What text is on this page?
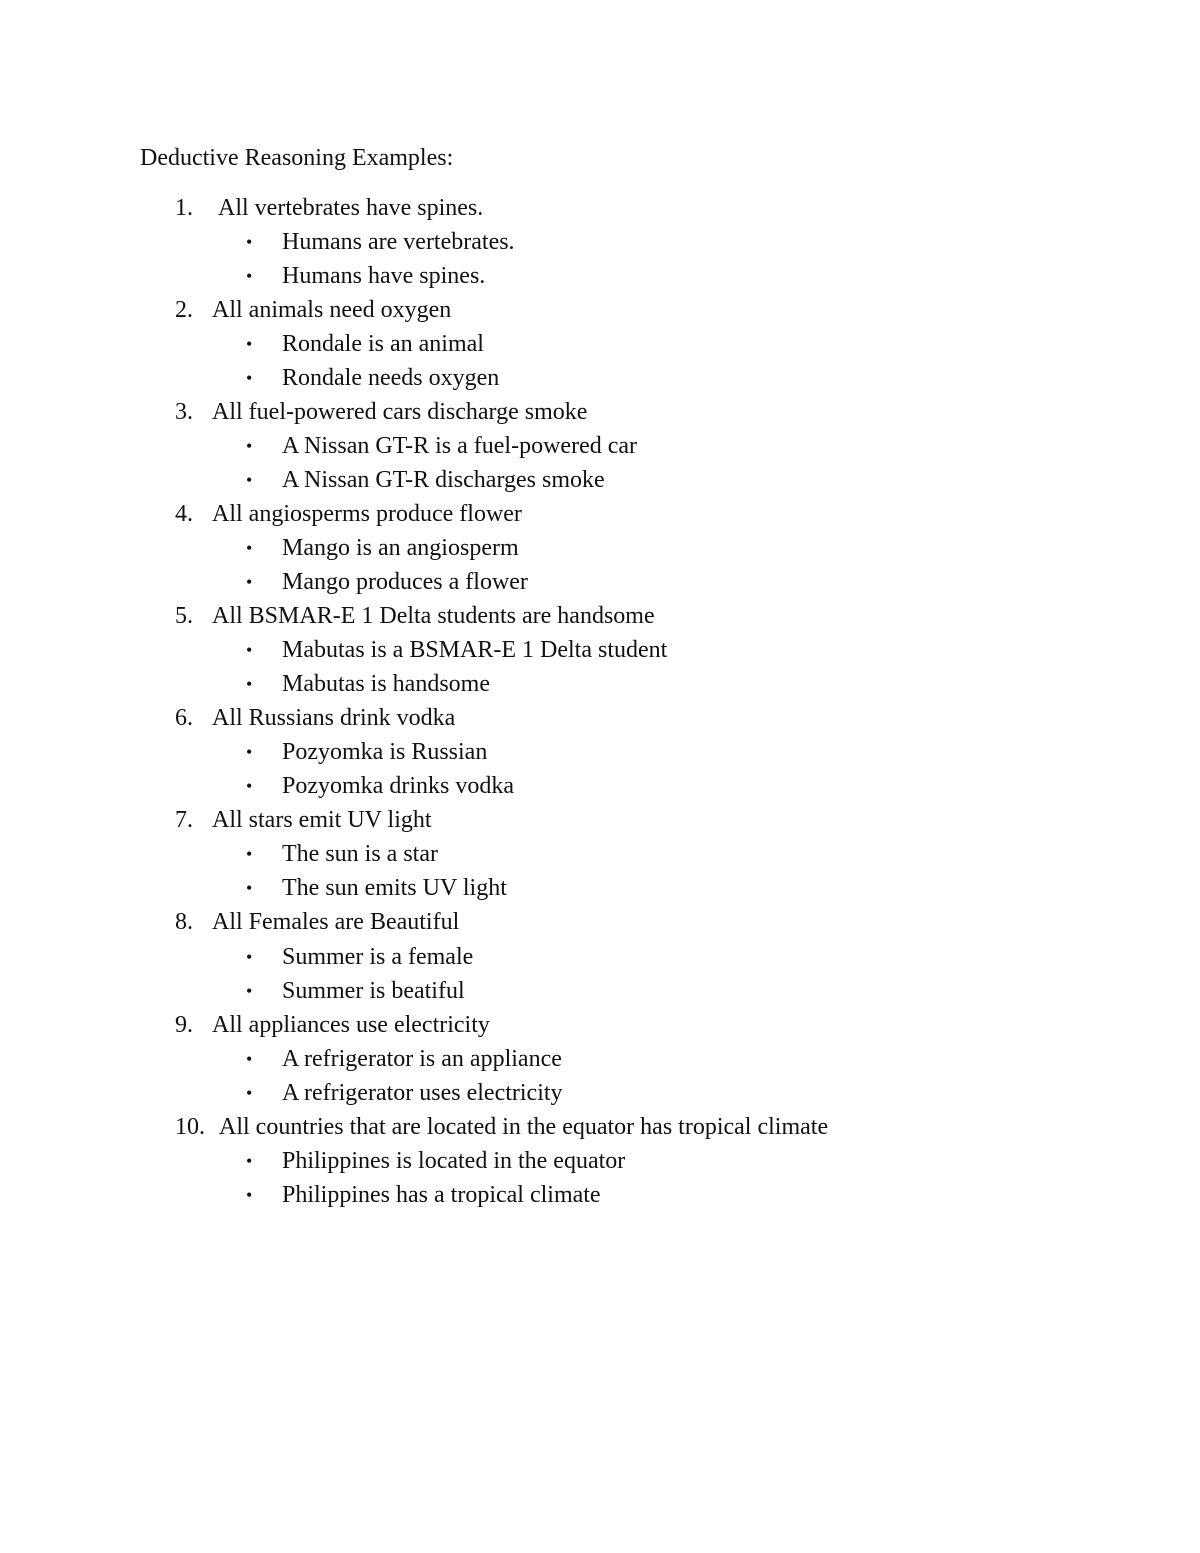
Deductive Reasoning Examples:
1. All vertebrates have spines.
• Humans are vertebrates.
• Humans have spines.
2. All animals need oxygen
• Rondale is an animal
• Rondale needs oxygen
3. All fuel-powered cars discharge smoke
• A Nissan GT-R is a fuel-powered car
• A Nissan GT-R discharges smoke
4. All angiosperms produce flower
• Mango is an angiosperm
• Mango produces a flower
5. All BSMAR-E 1 Delta students are handsome
• Mabutas is a BSMAR-E 1 Delta student
• Mabutas is handsome
6. All Russians drink vodka
• Pozyomka is Russian
• Pozyomka drinks vodka
7. All stars emit UV light
• The sun is a star
• The sun emits UV light
8. All Females are Beautiful
• Summer is a female
• Summer is beatiful
9. All appliances use electricity
• A refrigerator is an appliance
• A refrigerator uses electricity
10. All countries that are located in the equator has tropical climate
• Philippines is located in the equator
• Philippines has a tropical climate
